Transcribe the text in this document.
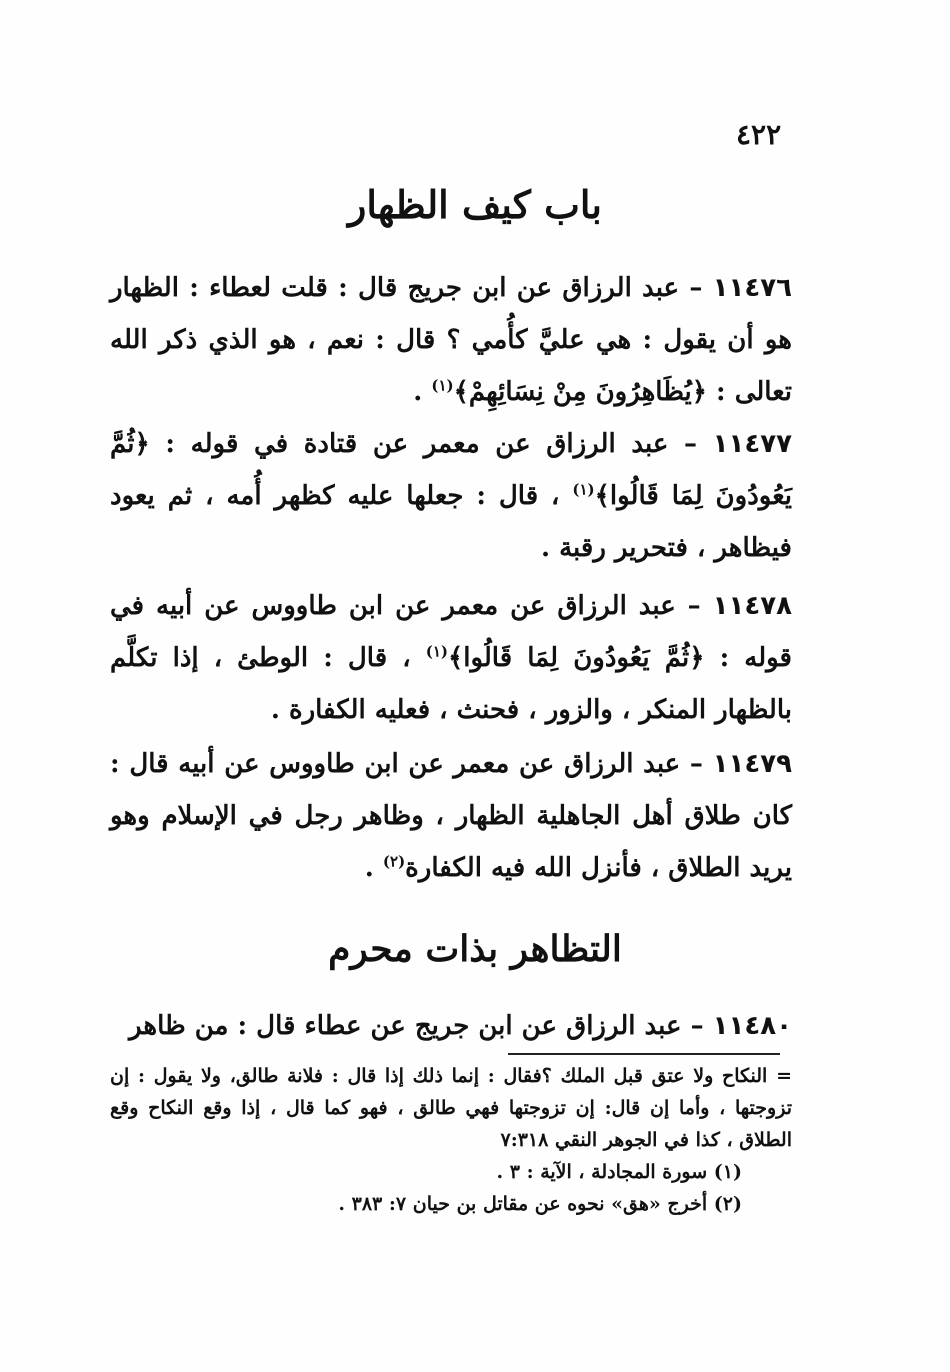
٤٢٢
باب كيف الظهار

١١٤٧٦ – عبد الرزاق عن ابن جريج قال : قلت لعطاء : الظهار هو أن يقول : هي عليَّ كأُمي ؟ قال : نعم ، هو الذي ذكر الله تعالى : ﴿يُظَاهِرُونَ مِنْ نِسَائِهِمْ﴾$^{(١)}$ .

١١٤٧٧ – عبد الرزاق عن معمر عن قتادة في قوله : ﴿ثُمَّ يَعُودُونَ لِمَا قَالُوا﴾$^{(١)}$ ، قال : جعلها عليه كظهر أُمه ، ثم يعود فيظاهر ، فتحرير رقبة .

١١٤٧٨ – عبد الرزاق عن معمر عن ابن طاووس عن أبيه في قوله : ﴿ثُمَّ يَعُودُونَ لِمَا قَالُوا﴾$^{(١)}$ ، قال : الوطئ ، إذا تكلَّم بالظهار المنكر ، والزور ، فحنث ، فعليه الكفارة .

١١٤٧٩ – عبد الرزاق عن معمر عن ابن طاووس عن أبيه قال : كان طلاق أهل الجاهلية الظهار ، وظاهر رجل في الإسلام وهو يريد الطلاق ، فأنزل الله فيه الكفارة$^{(٢)}$ .

التظاهر بذات محرم

١١٤٨٠ – عبد الرزاق عن ابن جريج عن عطاء قال : من ظاهر

= النكاح ولا عتق قبل الملك ؟فقال : إنما ذلك إذا قال : فلانة طالق، ولا يقول : إن تزوجتها ، وأما إن قال: إن تزوجتها فهي طالق ، فهو كما قال ، إذا وقع النكاح وقع الطلاق ، كذا في الجوهر النقي ٧:٣١٨

(١) سورة المجادلة ، الآية : ٣ .

(٢) أخرج «هق» نحوه عن مقاتل بن حيان ٧: ٣٨٣ .
